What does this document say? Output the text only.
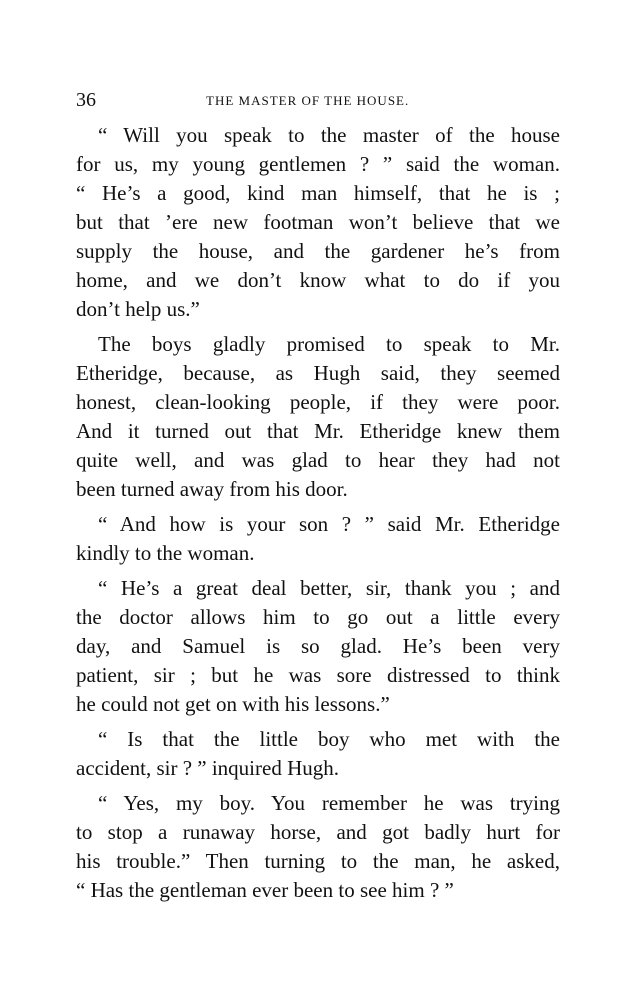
36	THE MASTER OF THE HOUSE.
“ Will you speak to the master of the house
for us, my young gentlemen ? ” said the woman.
“ He’s a good, kind man himself, that he is ;
but that ’ere new footman won’t believe that we
supply the house, and the gardener he’s from
home, and we don’t know what to do if you
don’t help us.”
The boys gladly promised to speak to Mr.
Etheridge, because, as Hugh said, they seemed
honest, clean-looking people, if they were poor.
And it turned out that Mr. Etheridge knew them
quite well, and was glad to hear they had not
been turned away from his door.
“ And how is your son ? ” said Mr. Etheridge
kindly to the woman.
“ He’s a great deal better, sir, thank you ; and
the doctor allows him to go out a little every
day, and Samuel is so glad. He’s been very
patient, sir ; but he was sore distressed to think
he could not get on with his lessons.”
“ Is that the little boy who met with the
accident, sir ? ” inquired Hugh.
“ Yes, my boy. You remember he was trying
to stop a runaway horse, and got badly hurt for
his trouble.” Then turning to the man, he asked,
“ Has the gentleman ever been to see him ? ”
